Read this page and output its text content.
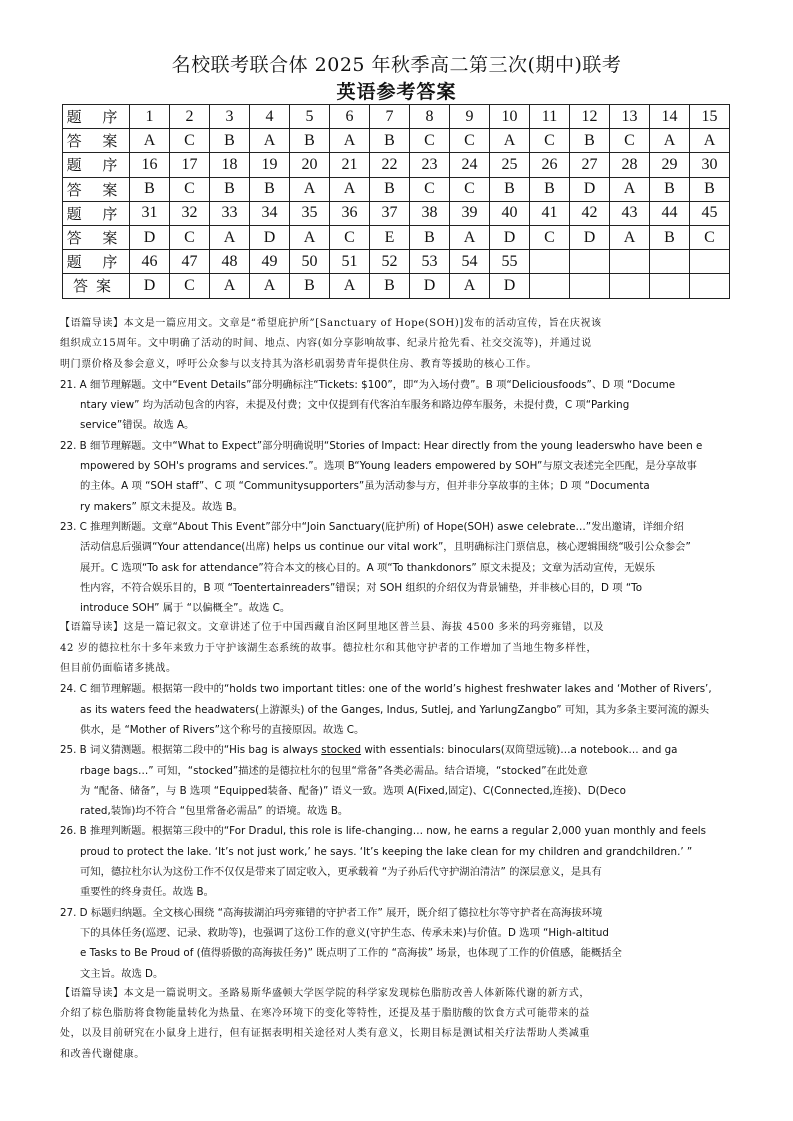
名校联考联合体 2025 年秋季高二第三次(期中)联考
英语参考答案
题 序	1	2	3	4	5	6	7	8	9	10	11	12	13	14	15
答 案	A	C	B	A	B	A	B	C	C	A	C	B	C	A	A
题 序	16	17	18	19	20	21	22	23	24	25	26	27	28	29	30
答 案	B	C	B	B	A	A	B	C	C	B	B	D	A	B	B
题 序	31	32	33	34	35	36	37	38	39	40	41	42	43	44	45
答 案	D	C	A	D	A	C	E	B	A	D	C	D	A	B	C
题 序	46	47	48	49	50	51	52	53	54	55					
答案	D	C	A	A	B	A	B	D	A	D					

【语篇导读】本文是一篇应用文。文章是“希望庇护所”[Sanctuary of Hope(SOH)]发布的活动宣传，旨在庆祝该

组织成立15周年。文中明确了活动的时间、地点、内容(如分享影响故事、纪录片抢先看、社交交流等)，并通过说

明门票价格及参会意义，呼吁公众参与以支持其为洛杉矶弱势青年提供住房、教育等援助的核心工作。

21. A 细节理解题。文中“Event Details”部分明确标注“Tickets: $100”，即“为入场付费”。B 项“Deliciousfoods”、D 项 “Docume

ntary view” 均为活动包含的内容，未提及付费；文中仅提到有代客泊车服务和路边停车服务，未提付费，C 项“Parking

service”错误。故选 A。

22. B 细节理解题。文中“What to Expect”部分明确说明“Stories of Impact: Hear directly from the young leaderswho have been e

mpowered by SOH's programs and services.”。选项 B“Young leaders empowered by SOH”与原文表述完全匹配，是分享故事

的主体。A 项 “SOH staff”、C 项 “Communitysupporters”虽为活动参与方，但并非分享故事的主体；D 项 “Documenta

ry makers” 原文未提及。故选 B。

23. C 推理判断题。文章“About This Event”部分中“Join Sanctuary(庇护所) of Hope(SOH) aswe celebrate…”发出邀请，详细介绍

活动信息后强调“Your attendance(出席) helps us continue our vital work”，且明确标注门票信息，核心逻辑围绕“吸引公众参会”

展开。C 选项“To ask for attendance”符合本文的核心目的。A 项“To thankdonors” 原文未提及；文章为活动宣传，无娱乐

性内容，不符合娱乐目的，B 项 “Toentertainreaders”错误；对 SOH 组织的介绍仅为背景铺垫，并非核心目的，D 项 “To

introduce SOH” 属于 “以偏概全”。故选 C。

【语篇导读】这是一篇记叙文。文章讲述了位于中国西藏自治区阿里地区普兰县、海拔 4500 多米的玛旁雍错，以及

42 岁的德拉杜尔十多年来致力于守护该湖生态系统的故事。德拉杜尔和其他守护者的工作增加了当地生物多样性，

但目前仍面临诸多挑战。

24. C 细节理解题。根据第一段中的“holds two important titles: one of the world’s highest freshwater lakes and ‘Mother of Rivers’,

as its waters feed the headwaters(上游源头) of the Ganges, Indus, Sutlej, and YarlungZangbo” 可知，其为多条主要河流的源头

供水，是 “Mother of Rivers”这个称号的直接原因。故选 C。

25. B 词义猜测题。根据第二段中的“His bag is always stocked with essentials: binoculars(双筒望远镜)…a notebook… and ga

rbage bags…” 可知，“stocked”描述的是德拉杜尔的包里“常备”各类必需品。结合语境，“stocked”在此处意

为 “配备、储备”，与 B 选项 “Equipped装备、配备)” 语义一致。选项 A(Fixed,固定)、C(Connected,连接)、D(Deco

rated,装饰)均不符合 “包里常备必需品” 的语境。故选 B。

26. B 推理判断题。根据第三段中的“For Dradul, this role is life-changing… now, he earns a regular 2,000 yuan monthly and feels

proud to protect the lake. ‘It’s not just work,’ he says. ‘It’s keeping the lake clean for my children and grandchildren.’ ”

可知，德拉杜尔认为这份工作不仅仅是带来了固定收入，更承载着 “为子孙后代守护湖泊清洁” 的深层意义，是具有

重要性的终身责任。故选 B。

27. D 标题归纳题。全文核心围绕 “高海拔湖泊玛旁雍错的守护者工作” 展开，既介绍了德拉杜尔等守护者在高海拔环境

下的具体任务(巡逻、记录、救助等)，也强调了这份工作的意义(守护生态、传承未来)与价值。D 选项 “High-altitud

e Tasks to Be Proud of (值得骄傲的高海拔任务)” 既点明了工作的 “高海拔” 场景，也体现了工作的价值感，能概括全

文主旨。故选 D。

【语篇导读】本文是一篇说明文。圣路易斯华盛顿大学医学院的科学家发现棕色脂肪改善人体新陈代谢的新方式，

介绍了棕色脂肪将食物能量转化为热量、在寒冷环境下的变化等特性，还提及基于脂肪酸的饮食方式可能带来的益

处，以及目前研究在小鼠身上进行，但有证据表明相关途径对人类有意义，长期目标是测试相关疗法帮助人类减重

和改善代谢健康。
